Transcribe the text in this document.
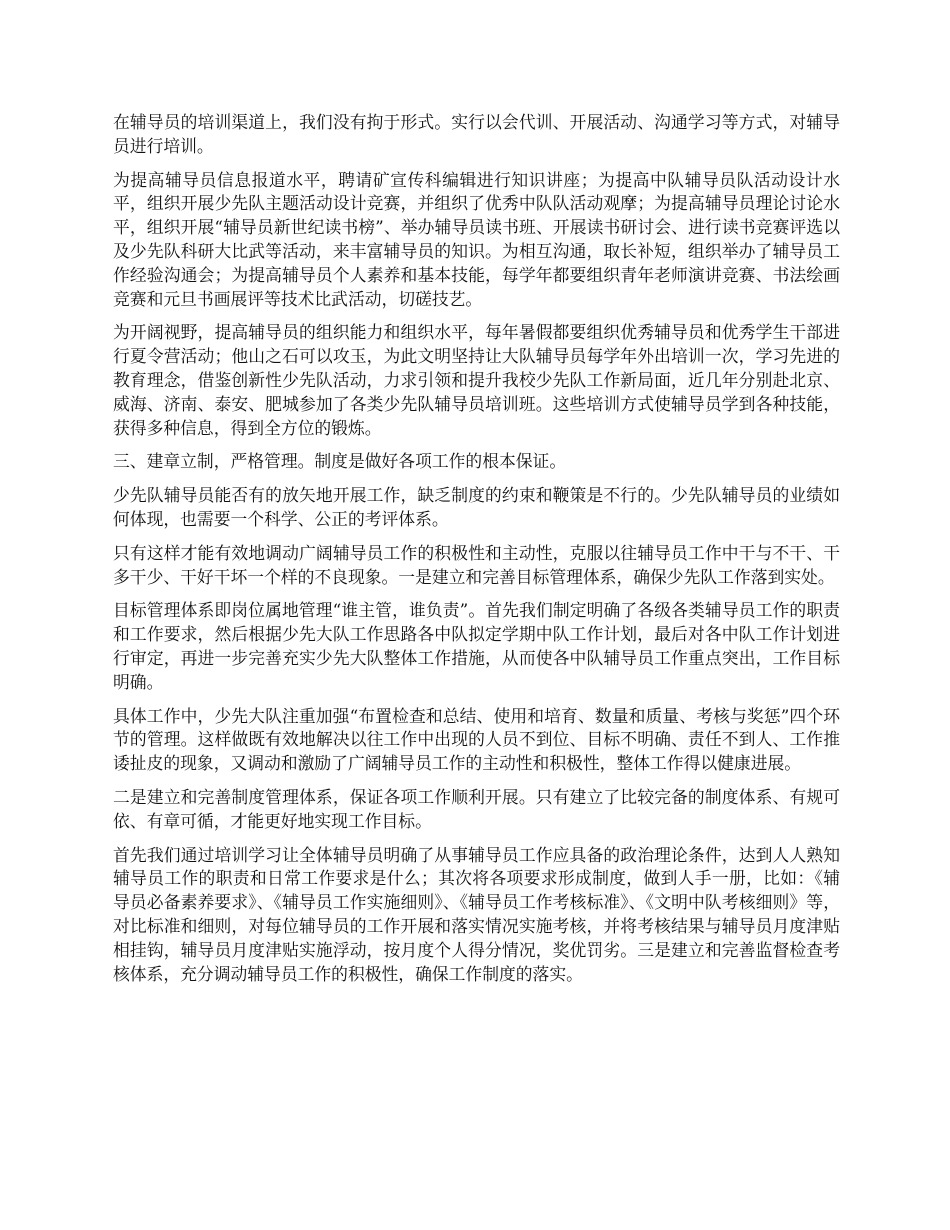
在辅导员的培训渠道上，我们没有拘于形式。实行以会代训、开展活动、沟通学习等方式，对辅导员进行培训。

为提高辅导员信息报道水平，聘请矿宣传科编辑进行知识讲座；为提高中队辅导员队活动设计水平，组织开展少先队主题活动设计竞赛，并组织了优秀中队队活动观摩；为提高辅导员理论讨论水平，组织开展“辅导员新世纪读书榜”、举办辅导员读书班、开展读书研讨会、进行读书竞赛评选以及少先队科研大比武等活动，来丰富辅导员的知识。为相互沟通，取长补短，组织举办了辅导员工作经验沟通会；为提高辅导员个人素养和基本技能，每学年都要组织青年老师演讲竞赛、书法绘画竞赛和元旦书画展评等技术比武活动，切磋技艺。

为开阔视野，提高辅导员的组织能力和组织水平，每年暑假都要组织优秀辅导员和优秀学生干部进行夏令营活动；他山之石可以攻玉，为此文明坚持让大队辅导员每学年外出培训一次，学习先进的教育理念，借鉴创新性少先队活动，力求引领和提升我校少先队工作新局面，近几年分别赴北京、威海、济南、泰安、肥城参加了各类少先队辅导员培训班。这些培训方式使辅导员学到各种技能，获得多种信息，得到全方位的锻炼。

三、建章立制，严格管理。制度是做好各项工作的根本保证。

少先队辅导员能否有的放矢地开展工作，缺乏制度的约束和鞭策是不行的。少先队辅导员的业绩如何体现，也需要一个科学、公正的考评体系。

只有这样才能有效地调动广阔辅导员工作的积极性和主动性，克服以往辅导员工作中干与不干、干多干少、干好干坏一个样的不良现象。一是建立和完善目标管理体系，确保少先队工作落到实处。

目标管理体系即岗位属地管理“谁主管，谁负责”。首先我们制定明确了各级各类辅导员工作的职责和工作要求，然后根据少先大队工作思路各中队拟定学期中队工作计划，最后对各中队工作计划进行审定，再进一步完善充实少先大队整体工作措施，从而使各中队辅导员工作重点突出，工作目标明确。

具体工作中，少先大队注重加强“布置检查和总结、使用和培育、数量和质量、考核与奖惩”四个环节的管理。这样做既有效地解决以往工作中出现的人员不到位、目标不明确、责任不到人、工作推诿扯皮的现象，又调动和激励了广阔辅导员工作的主动性和积极性，整体工作得以健康进展。

二是建立和完善制度管理体系，保证各项工作顺利开展。只有建立了比较完备的制度体系、有规可依、有章可循，才能更好地实现工作目标。

首先我们通过培训学习让全体辅导员明确了从事辅导员工作应具备的政治理论条件，达到人人熟知辅导员工作的职责和日常工作要求是什么；其次将各项要求形成制度，做到人手一册，比如：《辅导员必备素养要求》、《辅导员工作实施细则》、《辅导员工作考核标准》、《文明中队考核细则》等，对比标准和细则，对每位辅导员的工作开展和落实情况实施考核，并将考核结果与辅导员月度津贴相挂钩，辅导员月度津贴实施浮动，按月度个人得分情况，奖优罚劣。三是建立和完善监督检查考核体系，充分调动辅导员工作的积极性，确保工作制度的落实。
